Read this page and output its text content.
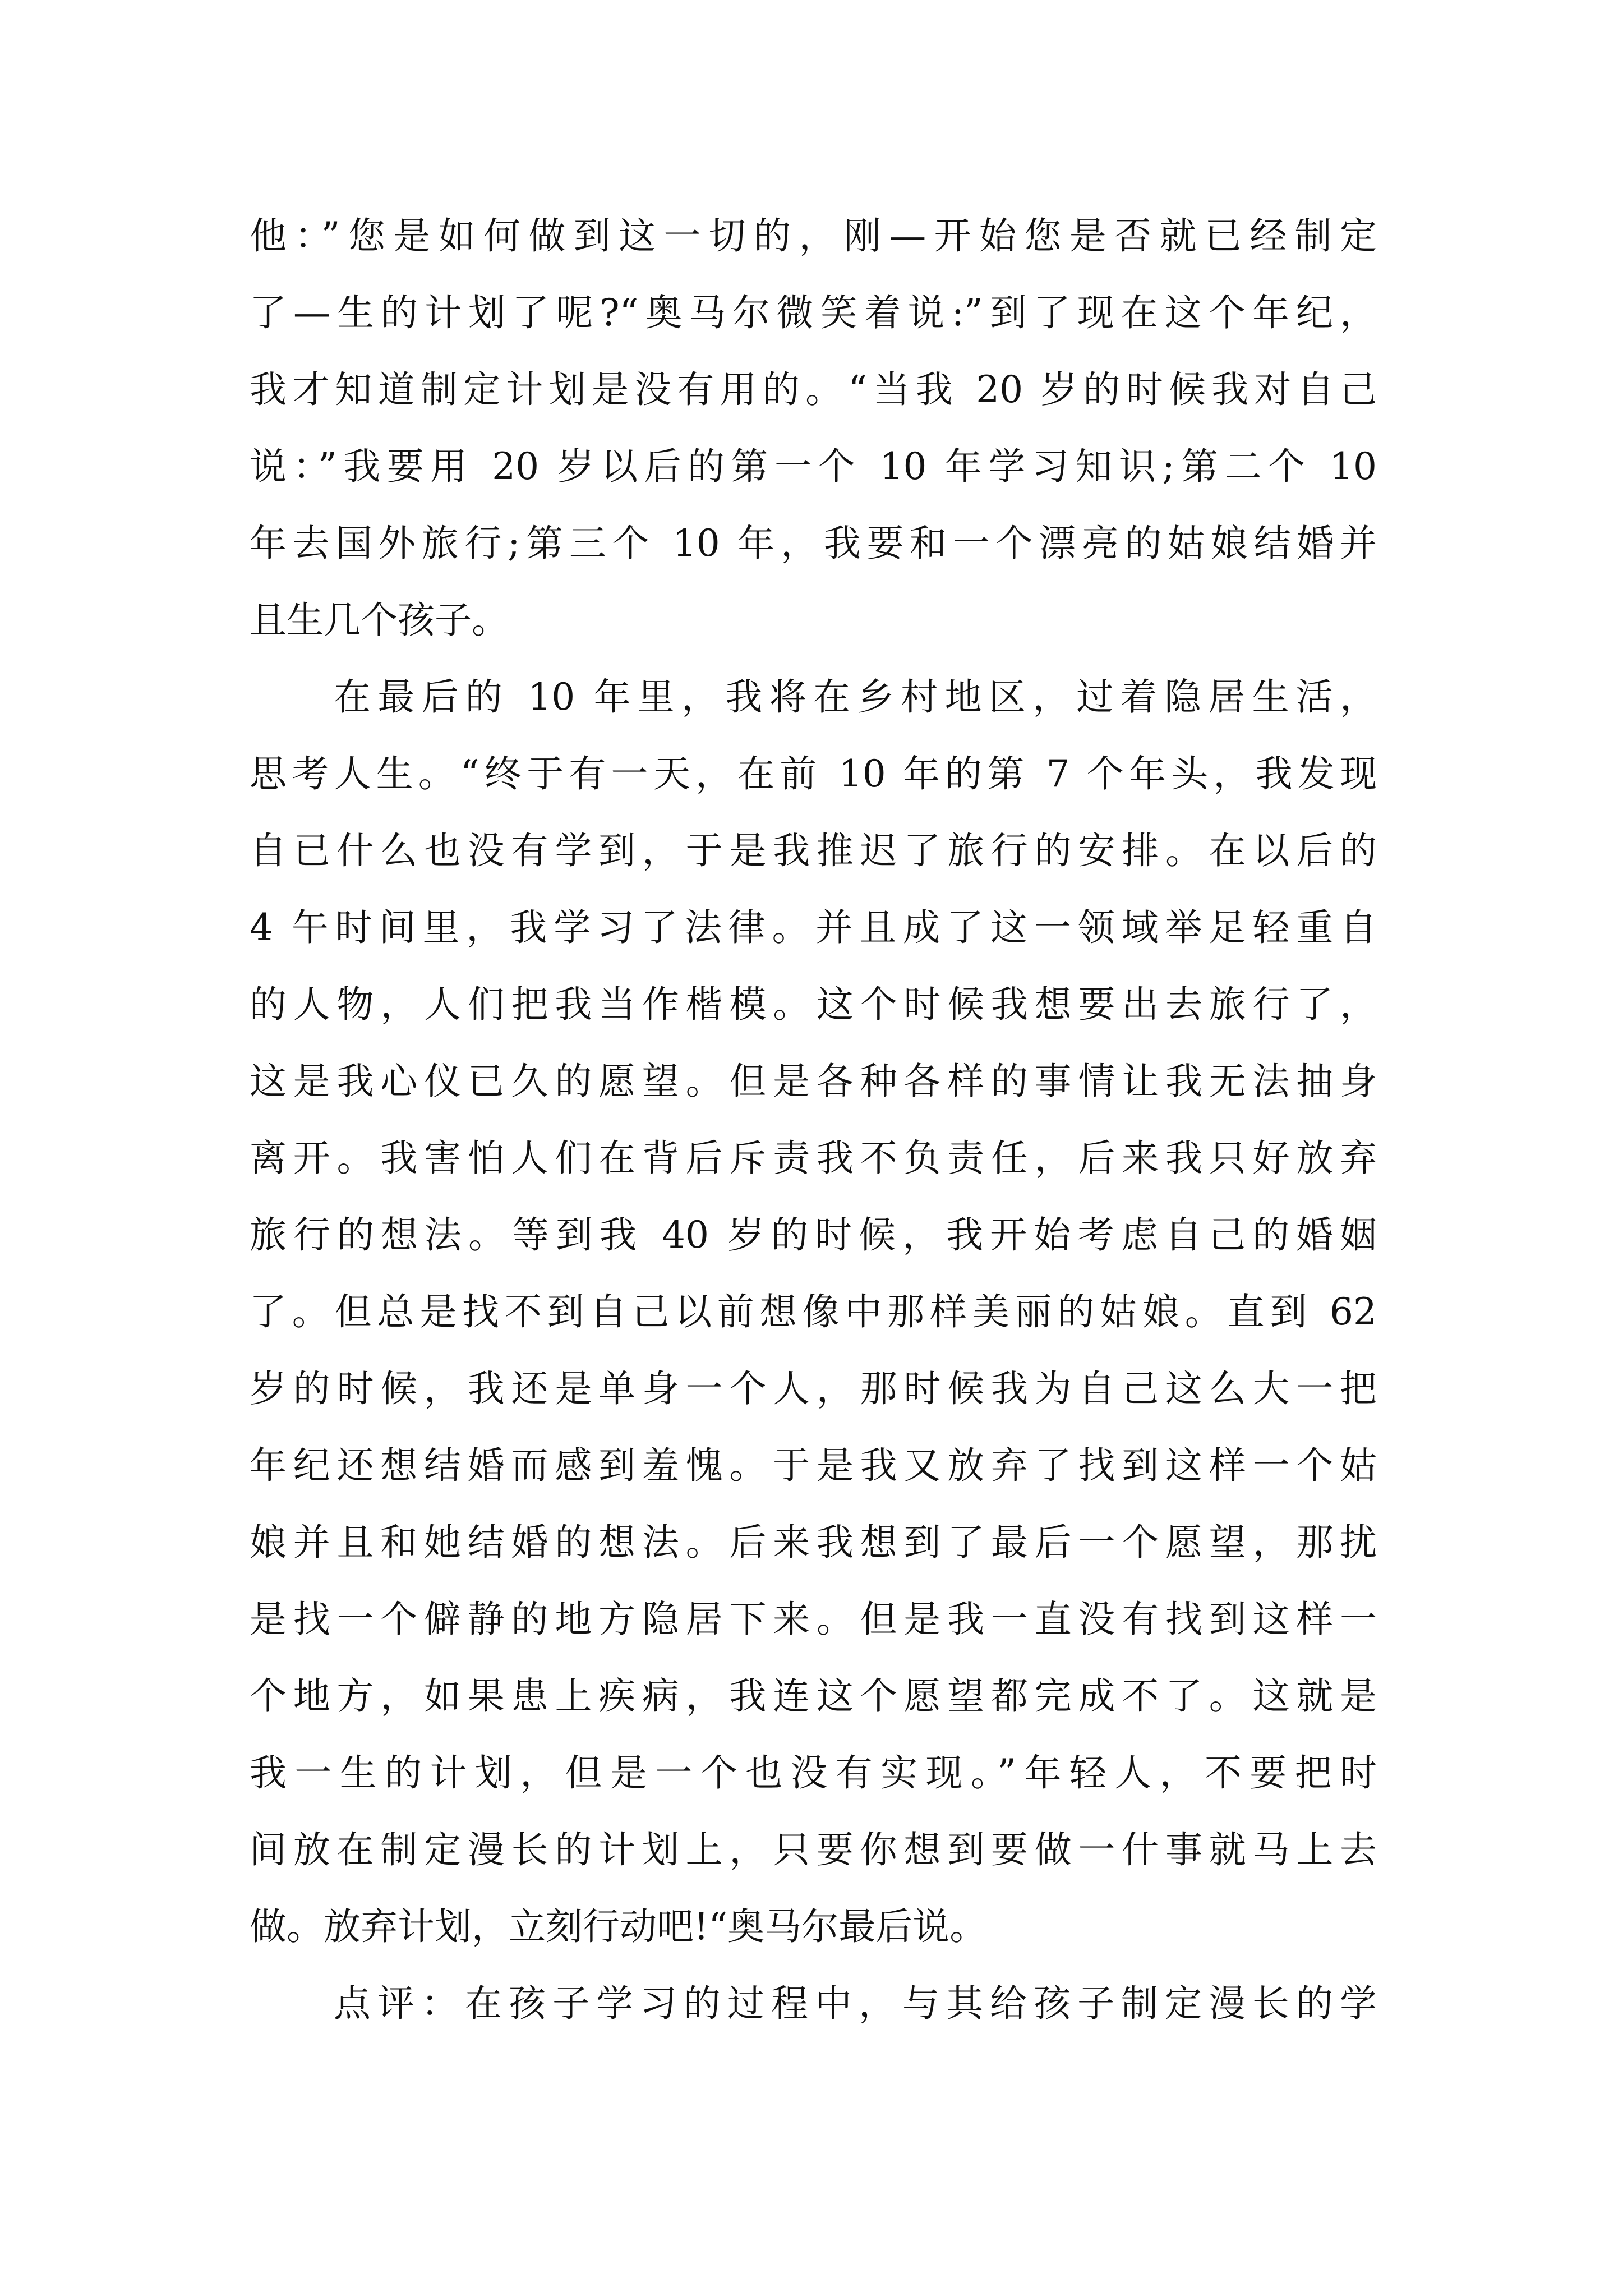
他：”您是如何做到这一切的，刚—开始您是否就已经制定
了—生的计划了呢?“奥马尔微笑着说:”到了现在这个年纪，
我才知道制定计划是没有用的。“当我 20 岁的时候我对自己
说：”我要用 20 岁以后的第一个 10 年学习知识;第二个 10
年去国外旅行;第三个 10 年，我要和一个漂亮的姑娘结婚并
且生几个孩子。
在最后的 10 年里，我将在乡村地区，过着隐居生活，
思考人生。“终于有一天，在前 10 年的第 7 个年头，我发现
自已什么也没有学到，于是我推迟了旅行的安排。在以后的
4 午时间里，我学习了法律。并且成了这一领域举足轻重自
的人物，人们把我当作楷模。这个时候我想要出去旅行了，
这是我心仪已久的愿望。但是各种各样的事情让我无法抽身
离开。我害怕人们在背后斥责我不负责任，后来我只好放弃
旅行的想法。等到我 40 岁的时候，我开始考虑自己的婚姻
了。但总是找不到自己以前想像中那样美丽的姑娘。直到 62
岁的时候，我还是单身一个人，那时候我为自己这么大一把
年纪还想结婚而感到羞愧。于是我又放弃了找到这样一个姑
娘并且和她结婚的想法。后来我想到了最后一个愿望，那扰
是找一个僻静的地方隐居下来。但是我一直没有找到这样一
个地方，如果患上疾病，我连这个愿望都完成不了。这就是
我一生的计划，但是一个也没有实现。”年轻人，不要把时
间放在制定漫长的计划上，只要你想到要做一什事就马上去
做。放弃计划，立刻行动吧!“奥马尔最后说。
点评：在孩子学习的过程中，与其给孩子制定漫长的学
